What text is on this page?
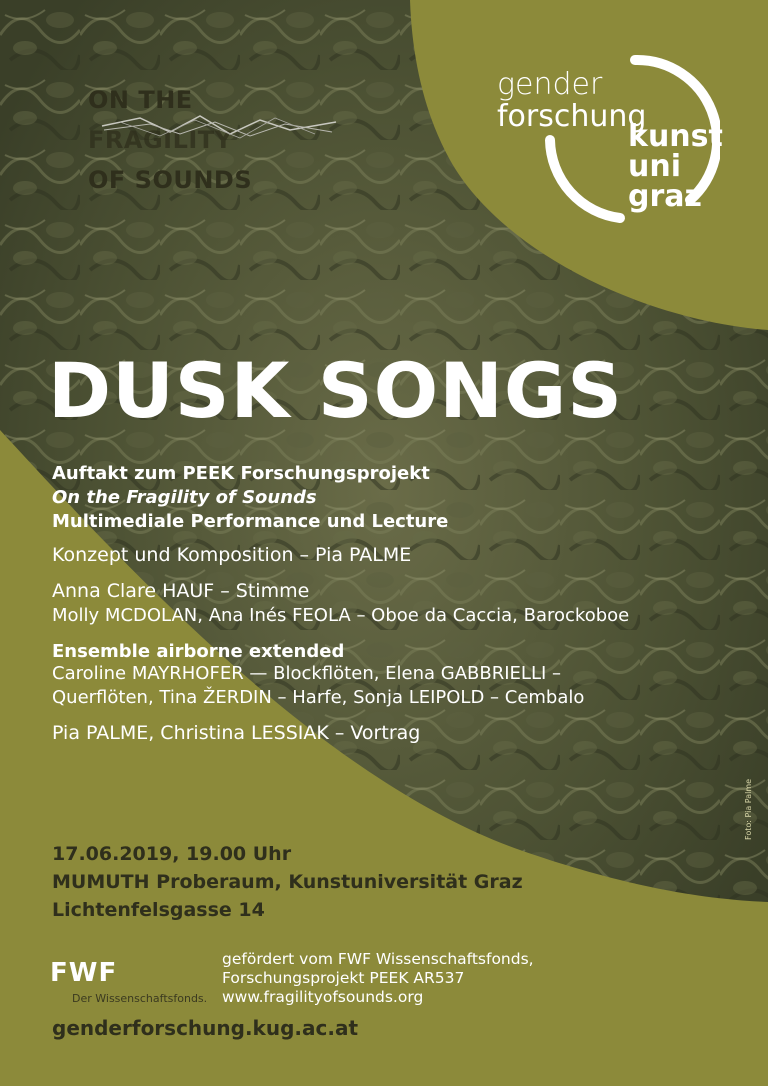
ON THE
FRAGILITY
OF SOUNDS
gender
forschung
kunst
uni
graz
DUSK SONGS
Auftakt zum PEEK Forschungsprojekt
On the Fragility of Sounds
Multimediale Performance und Lecture
Konzept und Komposition – Pia PALME
Anna Clare HAUF – Stimme
Molly MCDOLAN, Ana Inés FEOLA – Oboe da Caccia, Barockoboe
Ensemble airborne extended
Caroline MAYRHOFER — Blockflöten, Elena GABBRIELLI –
Querflöten, Tina ŽERDIN – Harfe, Sonja LEIPOLD – Cembalo
Pia PALME, Christina LESSIAK – Vortrag
17.06.2019, 19.00 Uhr
MUMUTH Proberaum, Kunstuniversität Graz
Lichtenfelsgasse 14
Foto: Pia Palme
FWF
Der Wissenschaftsfonds.
gefördert vom FWF Wissenschaftsfonds,
Forschungsprojekt PEEK AR537
www.fragilityofsounds.org
genderforschung.kug.ac.at
